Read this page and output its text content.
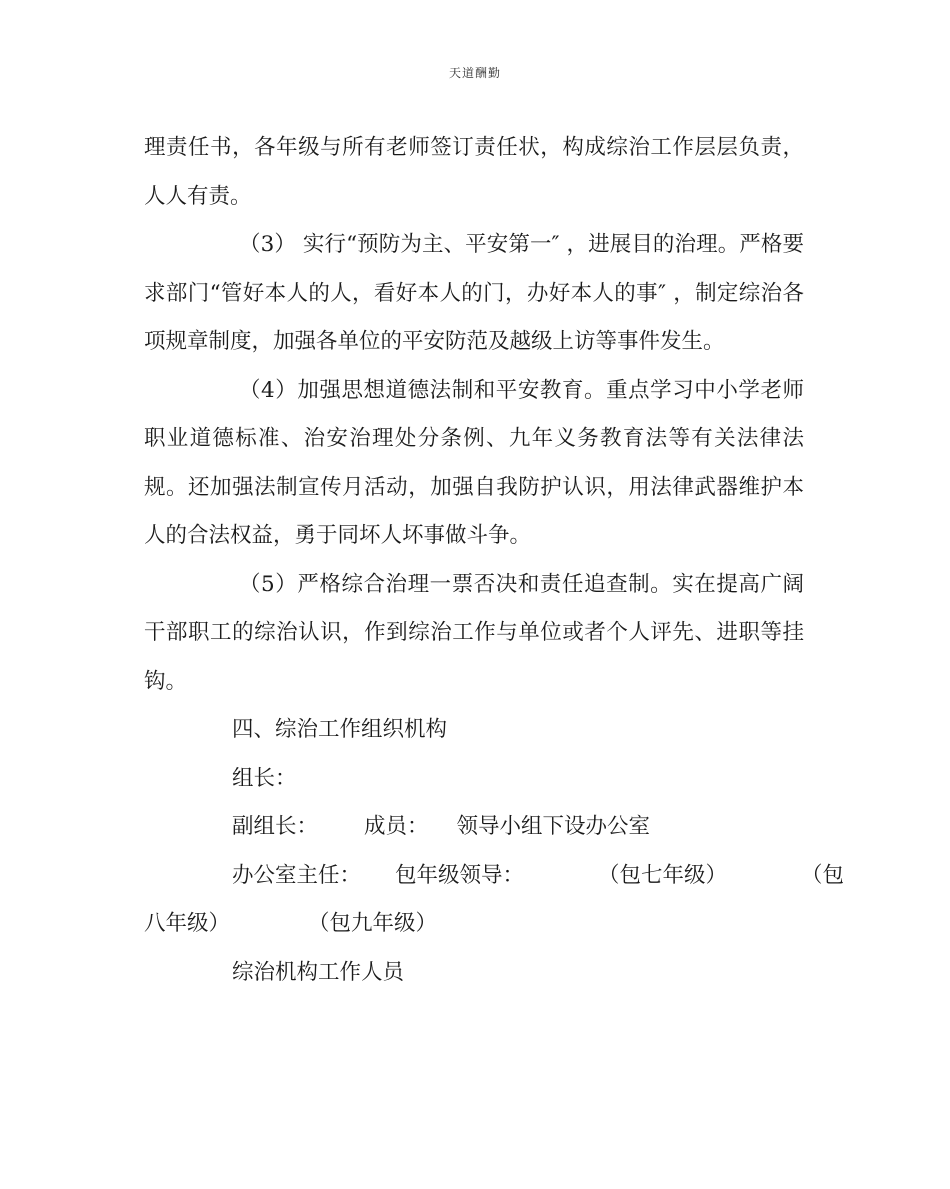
天道酬勤

理责任书，各年级与所有老师签订责任状，构成综治工作层层负责，人人有责。

（3） 实行“预防为主、平安第一″ ，进展目的治理。严格要求部门“管好本人的人，看好本人的门，办好本人的事″ ，制定综治各项规章制度，加强各单位的平安防范及越级上访等事件发生。

（4）加强思想道德法制和平安教育。重点学习中小学老师职业道德标准、治安治理处分条例、九年义务教育法等有关法律法规。还加强法制宣传月活动，加强自我防护认识，用法律武器维护本人的合法权益，勇于同坏人坏事做斗争。

（5）严格综合治理一票否决和责任追查制。实在提高广阔干部职工的综治认识，作到综治工作与单位或者个人评先、进职等挂钩。

四、综治工作组织机构
组长：
副组长： 成员： 领导小组下设办公室
办公室主任： 包年级领导：	（包七年级）	（包
八年级）	（包九年级）
综治机构工作人员
